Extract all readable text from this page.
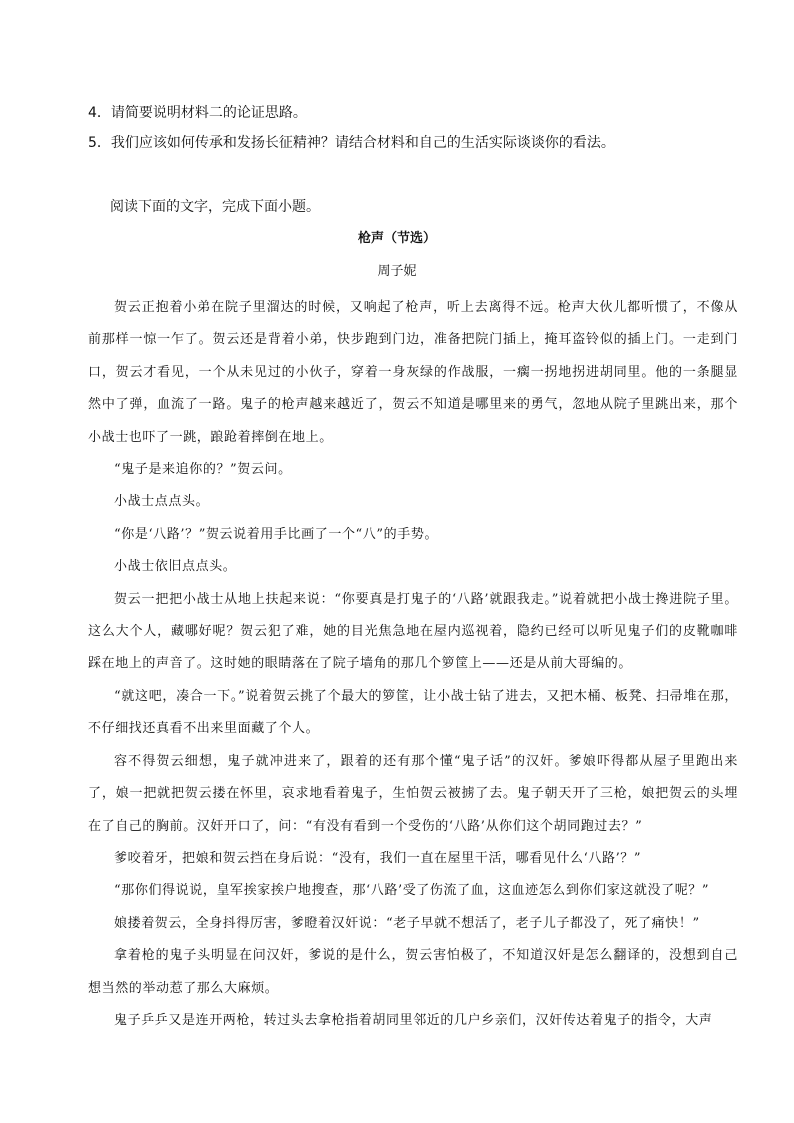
4．请简要说明材料二的论证思路。
5．我们应该如何传承和发扬长征精神？请结合材料和自己的生活实际谈谈你的看法。
阅读下面的文字，完成下面小题。
枪声（节选）
周子妮

贺云正抱着小弟在院子里溜达的时候，又响起了枪声，听上去离得不远。枪声大伙儿都听惯了，不像从前那样一惊一乍了。贺云还是背着小弟，快步跑到门边，准备把院门插上，掩耳盗铃似的插上门。一走到门口，贺云才看见，一个从未见过的小伙子，穿着一身灰绿的作战服，一瘸一拐地拐进胡同里。他的一条腿显然中了弹，血流了一路。鬼子的枪声越来越近了，贺云不知道是哪里来的勇气，忽地从院子里跳出来，那个小战士也吓了一跳，踉跄着摔倒在地上。

“鬼子是来追你的？”贺云问。

小战士点点头。

“你是‘八路’？”贺云说着用手比画了一个“八”的手势。

小战士依旧点点头。

贺云一把把小战士从地上扶起来说：“你要真是打鬼子的‘八路’就跟我走。”说着就把小战士搀进院子里。这么大个人，藏哪好呢？贺云犯了难，她的目光焦急地在屋内巡视着，隐约已经可以听见鬼子们的皮靴咖啡踩在地上的声音了。这时她的眼睛落在了院子墙角的那几个箩筐上——还是从前大哥编的。

“就这吧，凑合一下。”说着贺云挑了个最大的箩筐，让小战士钻了进去，又把木桶、板凳、扫帚堆在那，不仔细找还真看不出来里面藏了个人。

容不得贺云细想，鬼子就冲进来了，跟着的还有那个懂“鬼子话”的汉奸。爹娘吓得都从屋子里跑出来了，娘一把就把贺云搂在怀里，哀求地看着鬼子，生怕贺云被掳了去。鬼子朝天开了三枪，娘把贺云的头埋在了自己的胸前。汉奸开口了，问：“有没有看到一个受伤的‘八路’从你们这个胡同跑过去？”

爹咬着牙，把娘和贺云挡在身后说：“没有，我们一直在屋里干活，哪看见什么‘八路’？”

“那你们得说说，皇军挨家挨户地搜查，那‘八路’受了伤流了血，这血迹怎么到你们家这就没了呢？”

娘搂着贺云，全身抖得厉害，爹瞪着汉奸说：“老子早就不想活了，老子儿子都没了，死了痛快！”

拿着枪的鬼子头明显在问汉奸，爹说的是什么，贺云害怕极了，不知道汉奸是怎么翻译的，没想到自己想当然的举动惹了那么大麻烦。

鬼子乒乒又是连开两枪，转过头去拿枪指着胡同里邻近的几户乡亲们，汉奸传达着鬼子的指令，大声
